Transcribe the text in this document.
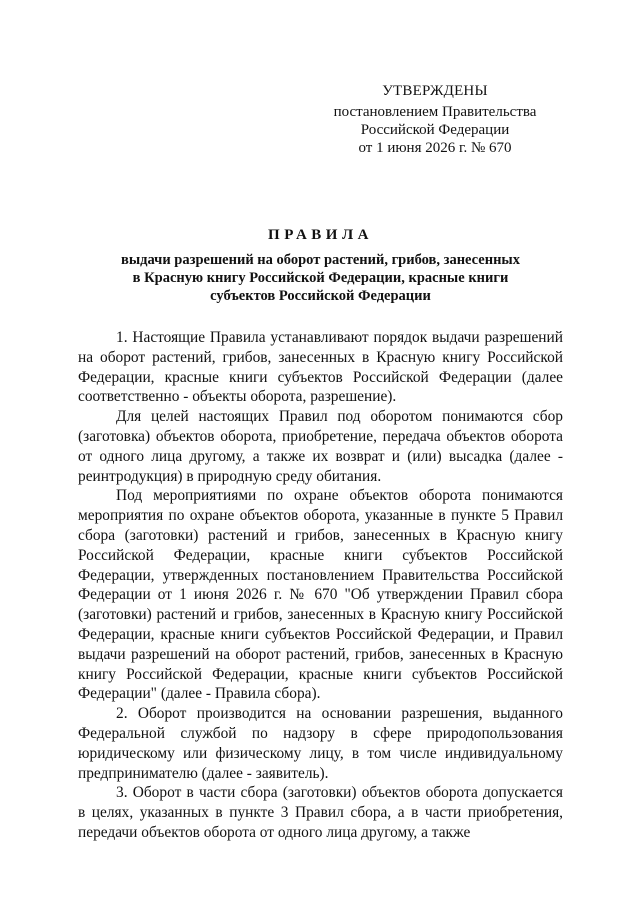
УТВЕРЖДЕНЫ
постановлением Правительства
Российской Федерации
от 1 июня 2026 г. № 670
ПРАВИЛА
выдачи разрешений на оборот растений, грибов, занесенных
в Красную книгу Российской Федерации, красные книги
субъектов Российской Федерации

1. Настоящие Правила устанавливают порядок выдачи разрешений на оборот растений, грибов, занесенных в Красную книгу Российской Федерации, красные книги субъектов Российской Федерации (далее соответственно - объекты оборота, разрешение).

Для целей настоящих Правил под оборотом понимаются сбор (заготовка) объектов оборота, приобретение, передача объектов оборота от одного лица другому, а также их возврат и (или) высадка (далее - реинтродукция) в природную среду обитания.

Под мероприятиями по охране объектов оборота понимаются мероприятия по охране объектов оборота, указанные в пункте 5 Правил сбора (заготовки) растений и грибов, занесенных в Красную книгу Российской Федерации, красные книги субъектов Российской Федерации, утвержденных постановлением Правительства Российской Федерации от 1 июня 2026 г. № 670 "Об утверждении Правил сбора (заготовки) растений и грибов, занесенных в Красную книгу Российской Федерации, красные книги субъектов Российской Федерации, и Правил выдачи разрешений на оборот растений, грибов, занесенных в Красную книгу Российской Федерации, красные книги субъектов Российской Федерации" (далее - Правила сбора).

2. Оборот производится на основании разрешения, выданного Федеральной службой по надзору в сфере природопользования юридическому или физическому лицу, в том числе индивидуальному предпринимателю (далее - заявитель).

3. Оборот в части сбора (заготовки) объектов оборота допускается в целях, указанных в пункте 3 Правил сбора, а в части приобретения, передачи объектов оборота от одного лица другому, а также
